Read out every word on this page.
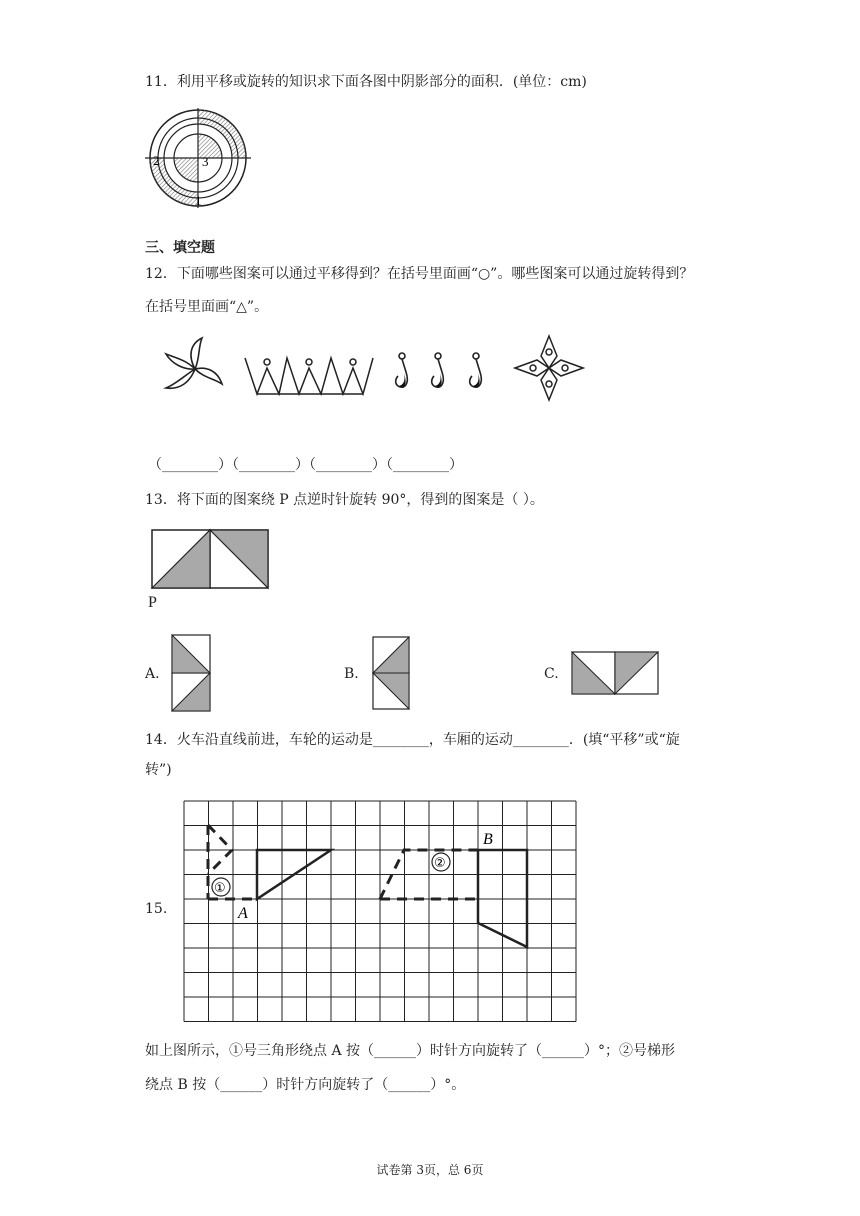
11．利用平移或旋转的知识求下面各图中阴影部分的面积．(单位：cm)
2	3
1
三、填空题
12．下面哪些图案可以通过平移得到？在括号里面画“○”。哪些图案可以通过旋转得到？
在括号里面画“△”。
（________）（________）（________）（________）
13．将下面的图案绕 P 点逆时针旋转 90°，得到的图案是（ ）。
P
A.	B.	C.
14．火车沿直线前进，车轮的运动是________，车厢的运动________．(填“平移”或“旋
转”)
15.
①
②
A
B
如上图所示，①号三角形绕点 A 按（______）时针方向旋转了（______）°；②号梯形
绕点 B 按（______）时针方向旋转了（______）°。
试卷第 3页，总 6页
